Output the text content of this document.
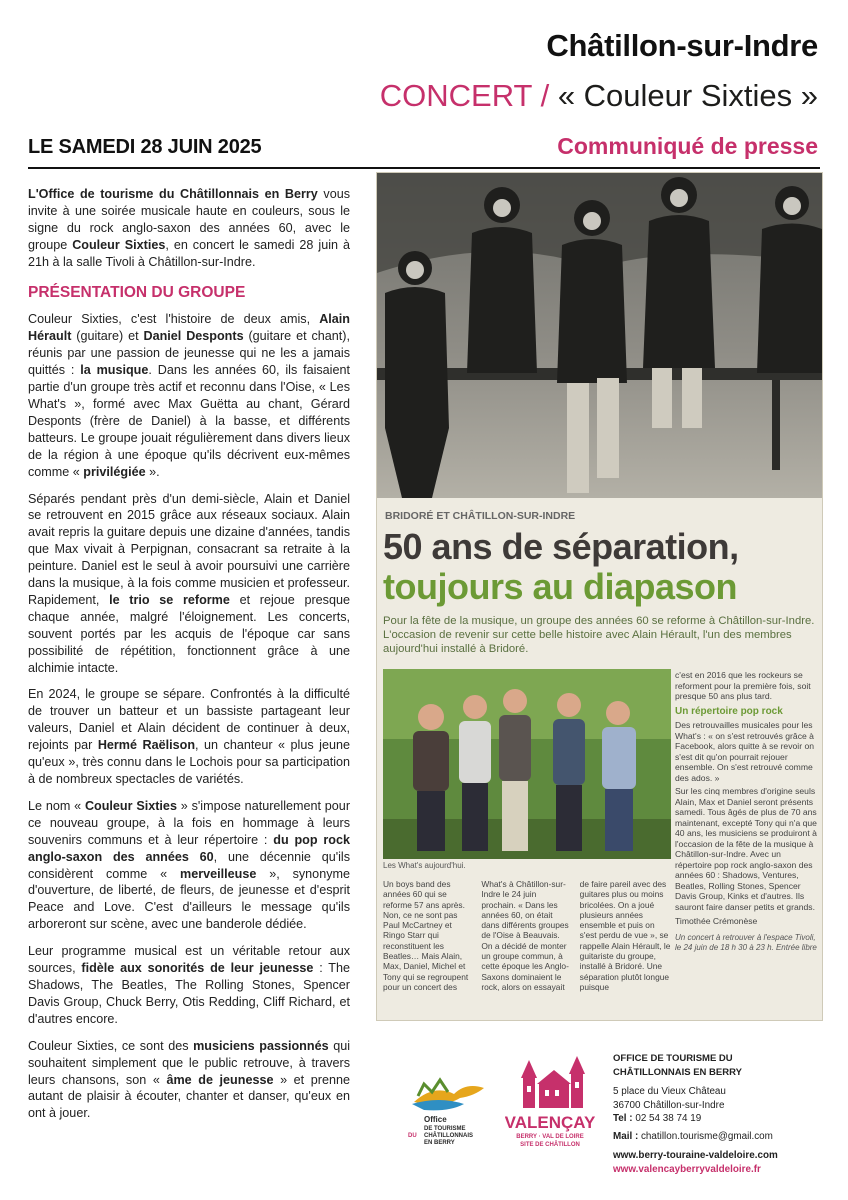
Châtillon-sur-Indre
CONCERT / « Couleur Sixties »
LE SAMEDI 28 JUIN 2025	Communiqué de presse

L'Office de tourisme du Châtillonnais en Berry vous invite à une soirée musicale haute en couleurs, sous le signe du rock anglo-saxon des années 60, avec le groupe Couleur Sixties, en concert le samedi 28 juin à 21h à la salle Tivoli à Châtillon-sur-Indre.

PRÉSENTATION DU GROUPE

Couleur Sixties, c'est l'histoire de deux amis, Alain Hérault (guitare) et Daniel Desponts (guitare et chant), réunis par une passion de jeunesse qui ne les a jamais quittés : la musique. Dans les années 60, ils faisaient partie d'un groupe très actif et reconnu dans l'Oise, « Les What's », formé avec Max Guëtta au chant, Gérard Desponts (frère de Daniel) à la basse, et différents batteurs. Le groupe jouait régulièrement dans divers lieux de la région à une époque qu'ils décrivent eux-mêmes comme « privilégiée ».

Séparés pendant près d'un demi-siècle, Alain et Daniel se retrouvent en 2015 grâce aux réseaux sociaux. Alain avait repris la guitare depuis une dizaine d'années, tandis que Max vivait à Perpignan, consacrant sa retraite à la peinture. Daniel est le seul à avoir poursuivi une carrière dans la musique, à la fois comme musicien et professeur. Rapidement, le trio se reforme et rejoue presque chaque année, malgré l'éloignement. Les concerts, souvent portés par les acquis de l'époque car sans possibilité de répétition, fonctionnent grâce à une alchimie intacte.

En 2024, le groupe se sépare. Confrontés à la difficulté de trouver un batteur et un bassiste partageant leur valeurs, Daniel et Alain décident de continuer à deux, rejoints par Hermé Raëlison, un chanteur « plus jeune qu'eux », très connu dans le Lochois pour sa participation à de nombreux spectacles de variétés.

Le nom « Couleur Sixties » s'impose naturellement pour ce nouveau groupe, à la fois en hommage à leurs souvenirs communs et à leur répertoire : du pop rock anglo-saxon des années 60, une décennie qu'ils considèrent comme « merveilleuse », synonyme d'ouverture, de liberté, de fleurs, de jeunesse et d'esprit Peace and Love. C'est d'ailleurs le message qu'ils arboreront sur scène, avec une banderole dédiée.

Leur programme musical est un véritable retour aux sources, fidèle aux sonorités de leur jeunesse : The Shadows, The Beatles, The Rolling Stones, Spencer Davis Group, Chuck Berry, Otis Redding, Cliff Richard, et d'autres encore.

Couleur Sixties, ce sont des musiciens passionnés qui souhaitent simplement que le public retrouve, à travers leurs chansons, son « âme de jeunesse » et prenne autant de plaisir à écouter, chanter et danser, qu'eux en ont à jouer.

BRIDORÉ ET CHÂTILLON-SUR-INDRE
50 ans de séparation,
toujours au diapason
Pour la fête de la musique, un groupe des années 60 se reforme à Châtillon-sur-Indre. L'occasion de revenir sur cette belle histoire avec Alain Hérault, l'un des membres aujourd'hui installé à Bridoré.
Les What's aujourd'hui.

c'est en 2016 que les rockeurs se reforment pour la première fois, soit presque 50 ans plus tard.

Un répertoire pop rock

Des retrouvailles musicales pour les What's : « on s'est retrouvés grâce à Facebook, alors quitte à se revoir on s'est dit qu'on pourrait rejouer ensemble. On s'est retrouvé comme des ados. »

Sur les cinq membres d'origine seuls Alain, Max et Daniel seront présents samedi. Tous âgés de plus de 70 ans maintenant, excepté Tony qui n'a que 40 ans, les musiciens se produiront à l'occasion de la fête de la musique à Châtillon-sur-Indre. Avec un répertoire pop rock anglo-saxon des années 60 : Shadows, Ventures, Beatles, Rolling Stones, Spencer Davis Group, Kinks et d'autres. Ils sauront faire danser petits et grands.

Timothée Crémonèse
Un concert à retrouver à l'espace Tivoli, le 24 juin de 18 h 30 à 23 h. Entrée libre

Un boys band des années 60 qui se reforme 57 ans après. Non, ce ne sont pas Paul McCartney et Ringo Starr qui reconstituent les Beatles… Mais Alain, Max, Daniel, Michel et Tony qui se regroupent pour un concert des What's à Châtillon-sur-Indre le 24 juin prochain. « Dans les années 60, on était dans différents groupes de l'Oise à Beauvais. On a décidé de monter un groupe commun, à cette époque les Anglo-Saxons dominaient le rock, alors on essayait de faire pareil avec des guitares plus ou moins bricolées. On a joué plusieurs années ensemble et puis on s'est perdu de vue », se rappelle Alain Hérault, le guitariste du groupe, installé à Bridoré. Une séparation plutôt longue puisque

Office
DE TOURISME
DU CHÂTILLONNAIS
EN BERRY
VALENÇAY
BERRY · VAL DE LOIRE
SITE DE CHÂTILLON
OFFICE DE TOURISME DU
CHÂTILLONNAIS EN BERRY
5 place du Vieux Château
36700 Châtillon-sur-Indre
Tel : 02 54 38 74 19
Mail : chatillon.tourisme@gmail.com
www.berry-touraine-valdeloire.com
www.valencayberryvaldeloire.fr
